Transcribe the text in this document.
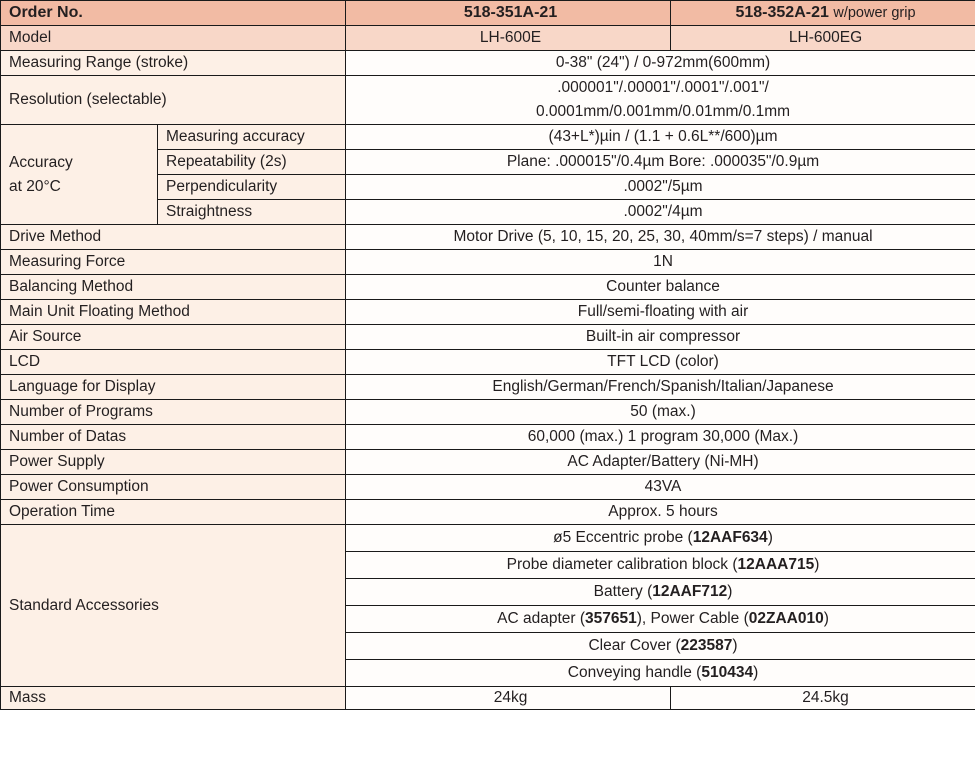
Order No.		518-351A-21	518-352A-21 w/power grip
Model		LH-600E	LH-600EG
Measuring Range (stroke)		0-38" (24") / 0-972mm(600mm)	
Resolution (selectable)		.000001"/.00001"/.0001"/.001"/
0.0001mm/0.001mm/0.01mm/0.1mm	

Accuracy
at 20°C	Measuring accuracy	(43+L*)µin / (1.1 + 0.6L**/600)µm	
	Repeatability (2s)	Plane: .000015"/0.4µm Bore: .000035"/0.9µm	
	Perpendicularity	.0002"/5µm	
	Straightness	.0002"/4µm	
Drive Method		Motor Drive (5, 10, 15, 20, 25, 30, 40mm/s=7 steps) / manual	
Measuring Force		1N	
Balancing Method		Counter balance	
Main Unit Floating Method		Full/semi-floating with air	
Air Source		Built-in air compressor	
LCD		TFT LCD (color)	
Language for Display		English/German/French/Spanish/Italian/Japanese	
Number of Programs		50 (max.)	
Number of Datas		60,000 (max.) 1 program 30,000 (Max.)	
Power Supply		AC Adapter/Battery (Ni-MH)	
Power Consumption		43VA	
Operation Time		Approx. 5 hours	
Standard Accessories		ø5 Eccentric probe (12AAF634)	
		Probe diameter calibration block (12AAA715)	
		Battery (12AAF712)	
		AC adapter (357651), Power Cable (02ZAA010)	
		Clear Cover (223587)	
		Conveying handle (510434)	
Mass		24kg	24.5kg
